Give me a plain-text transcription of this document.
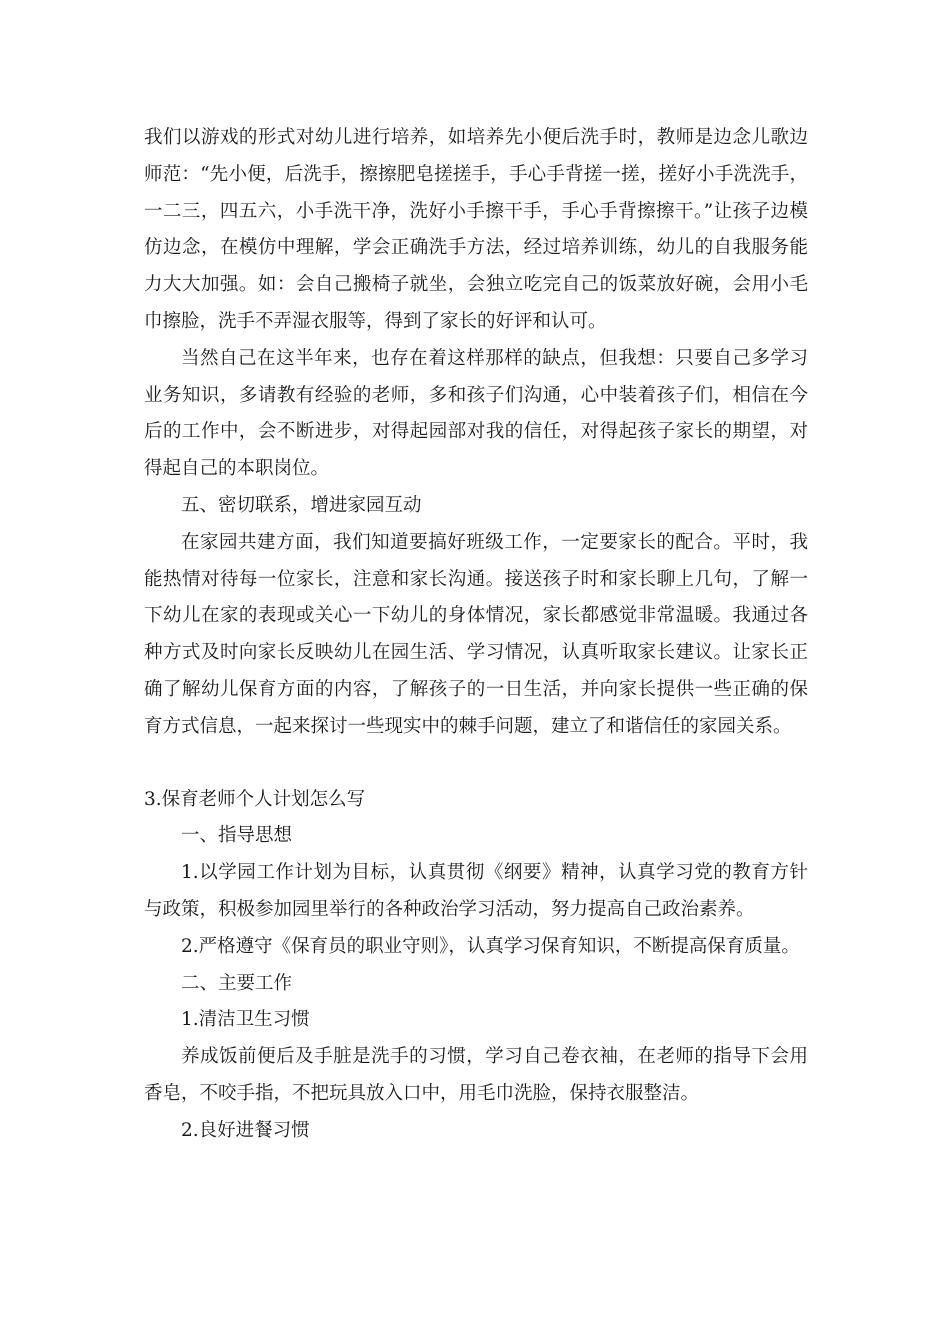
我们以游戏的形式对幼儿进行培养，如培养先小便后洗手时，教师是边念儿歌边师范：“先小便，后洗手，擦擦肥皂搓搓手，手心手背搓一搓，搓好小手洗洗手，一二三，四五六，小手洗干净，洗好小手擦干手，手心手背擦擦干。”让孩子边模仿边念，在模仿中理解，学会正确洗手方法，经过培养训练，幼儿的自我服务能力大大加强。如：会自己搬椅子就坐，会独立吃完自己的饭菜放好碗，会用小毛巾擦脸，洗手不弄湿衣服等，得到了家长的好评和认可。

当然自己在这半年来，也存在着这样那样的缺点，但我想：只要自己多学习业务知识，多请教有经验的老师，多和孩子们沟通，心中装着孩子们，相信在今后的工作中，会不断进步，对得起园部对我的信任，对得起孩子家长的期望，对得起自己的本职岗位。

五、密切联系，增进家园互动

在家园共建方面，我们知道要搞好班级工作，一定要家长的配合。平时，我能热情对待每一位家长，注意和家长沟通。接送孩子时和家长聊上几句，了解一下幼儿在家的表现或关心一下幼儿的身体情况，家长都感觉非常温暖。我通过各种方式及时向家长反映幼儿在园生活、学习情况，认真听取家长建议。让家长正确了解幼儿保育方面的内容，了解孩子的一日生活，并向家长提供一些正确的保育方式信息，一起来探讨一些现实中的棘手问题，建立了和谐信任的家园关系。

3.保育老师个人计划怎么写

一、指导思想

1.以学园工作计划为目标，认真贯彻《纲要》精神，认真学习党的教育方针与政策，积极参加园里举行的各种政治学习活动，努力提高自己政治素养。

2.严格遵守《保育员的职业守则》，认真学习保育知识，不断提高保育质量。

二、主要工作

1.清洁卫生习惯

养成饭前便后及手脏是洗手的习惯，学习自己卷衣袖，在老师的指导下会用香皂，不咬手指，不把玩具放入口中，用毛巾洗脸，保持衣服整洁。

2.良好进餐习惯
